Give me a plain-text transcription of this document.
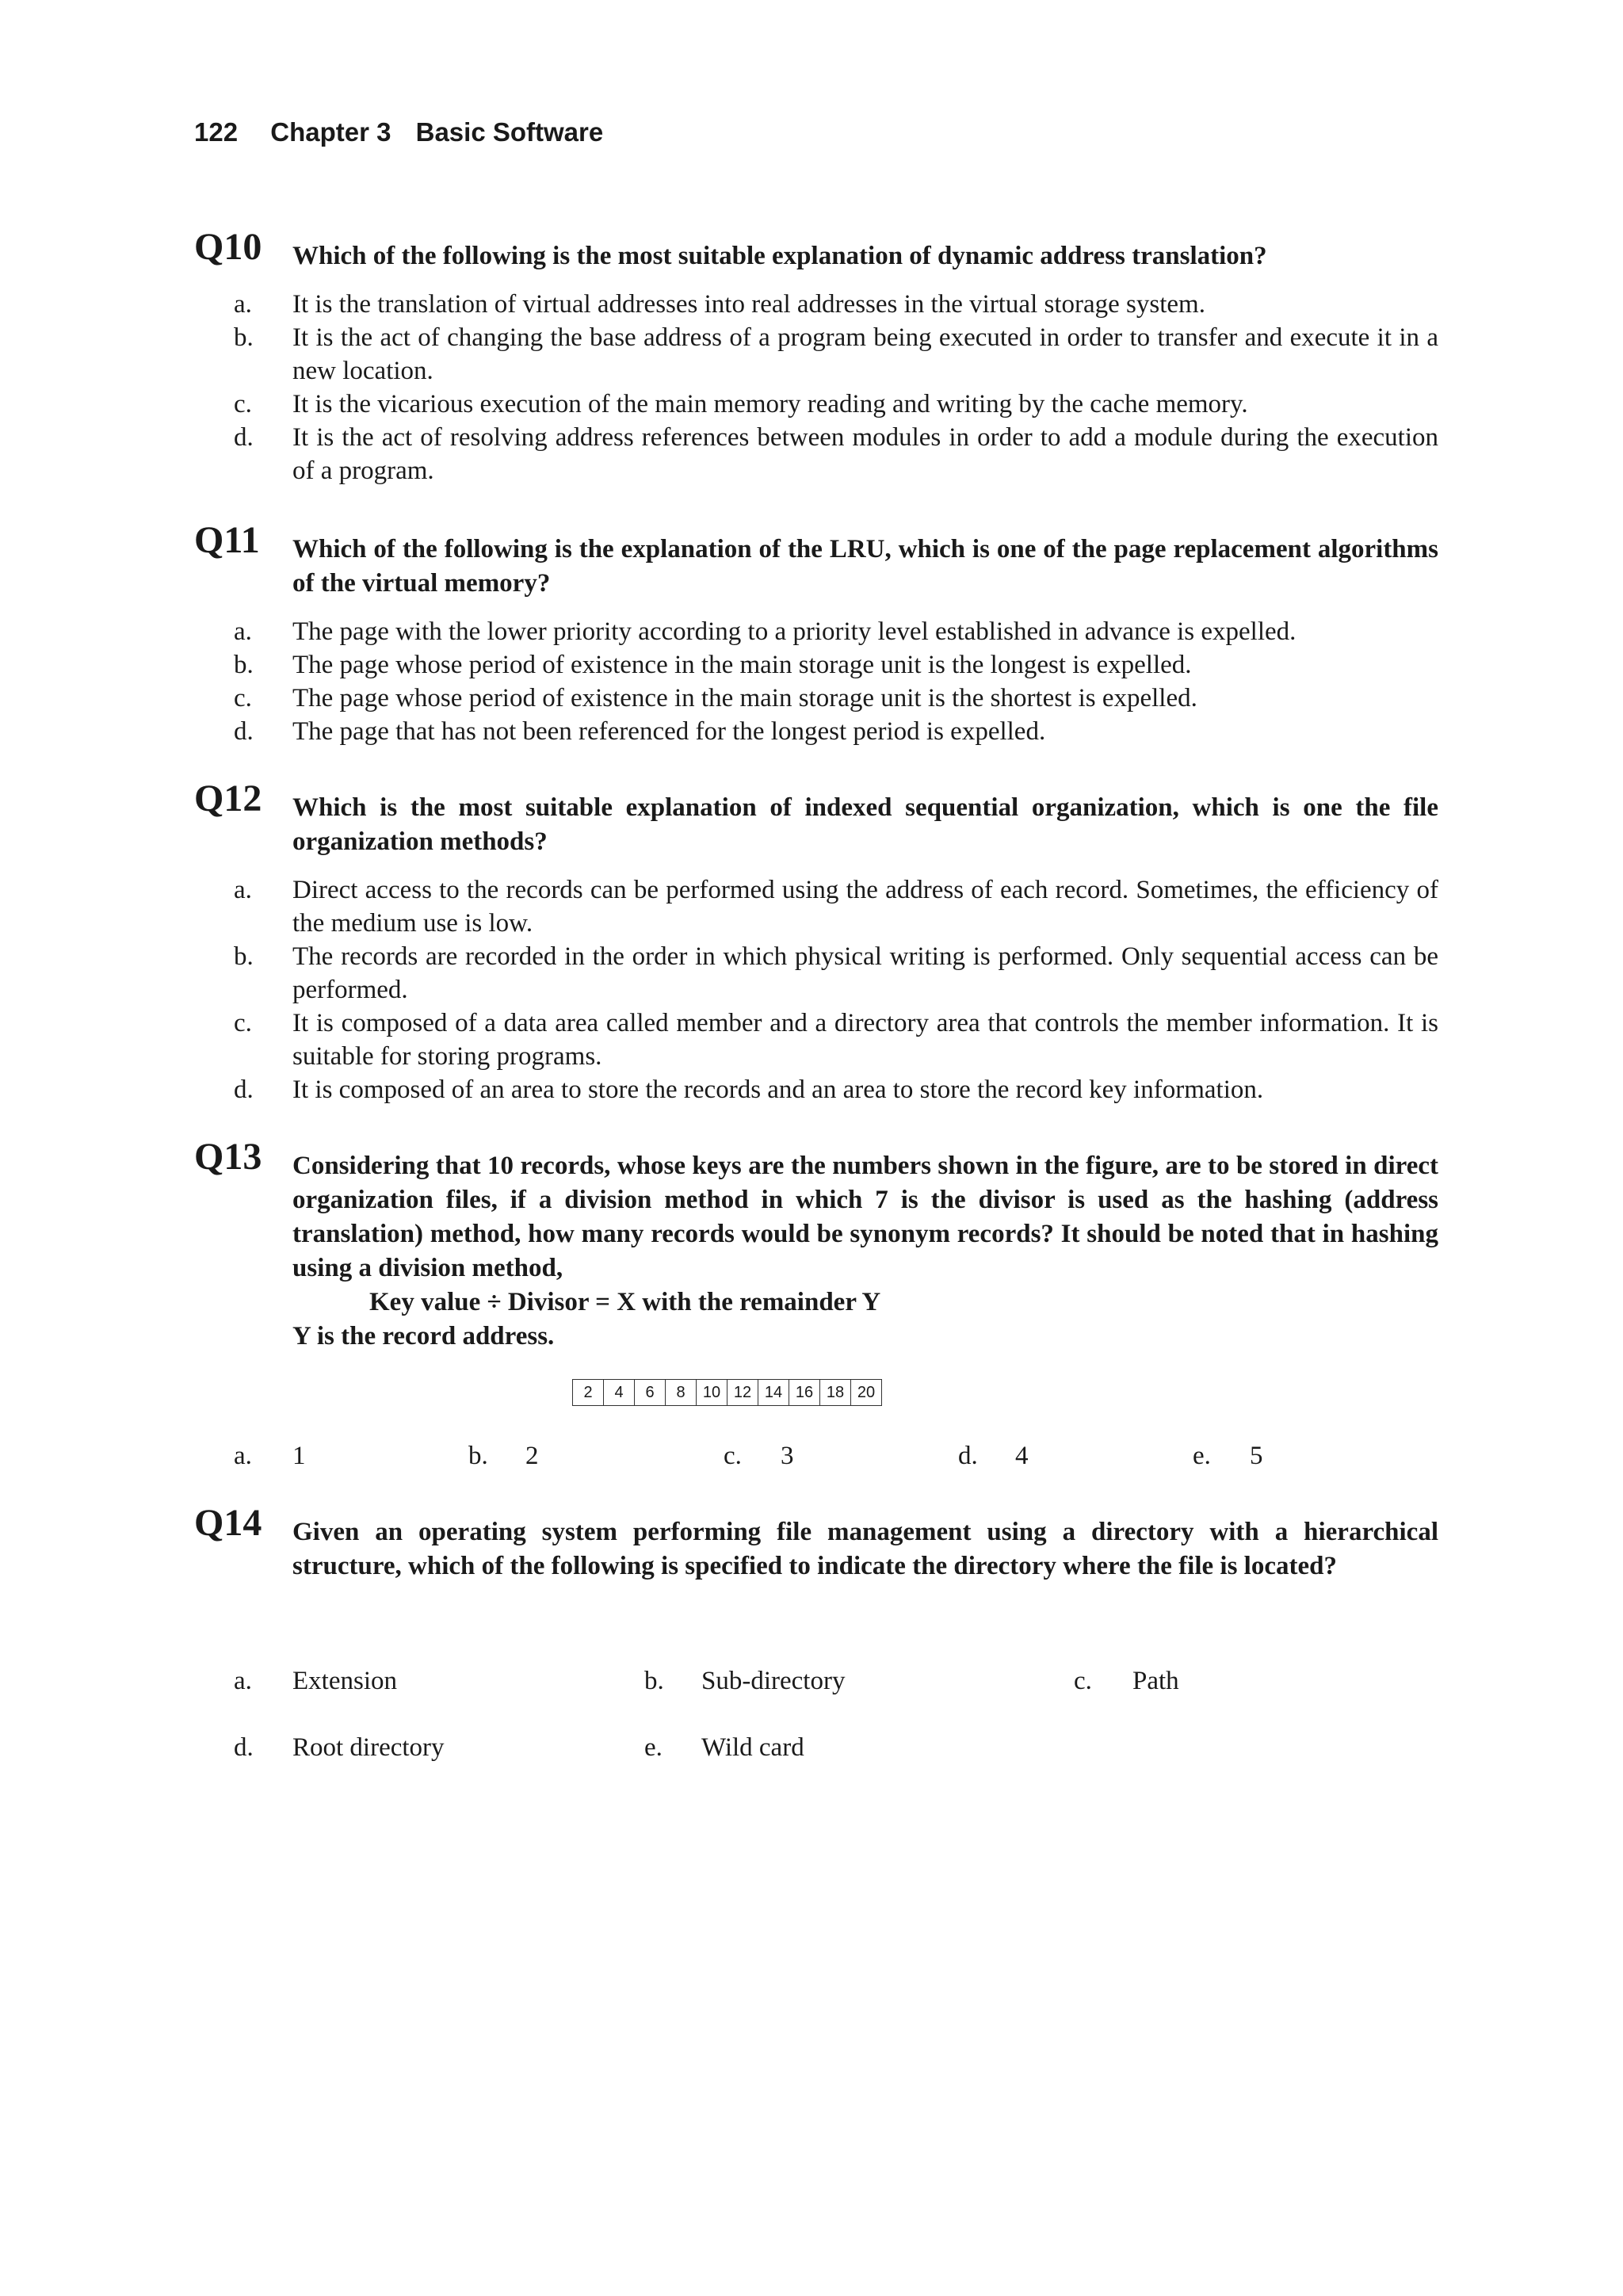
122 Chapter 3 Basic Software
Q10 Which of the following is the most suitable explanation of dynamic address translation?
a.	It is the translation of virtual addresses into real addresses in the virtual storage system.
b.	It is the act of changing the base address of a program being executed in order to transfer and execute it in a new location.
c.	It is the vicarious execution of the main memory reading and writing by the cache memory.
d.	It is the act of resolving address references between modules in order to add a module during the execution of a program.
Q11 Which of the following is the explanation of the LRU, which is one of the page replacement algorithms of the virtual memory?
a.	The page with the lower priority according to a priority level established in advance is expelled.
b.	The page whose period of existence in the main storage unit is the longest is expelled.
c.	The page whose period of existence in the main storage unit is the shortest is expelled.
d.	The page that has not been referenced for the longest period is expelled.
Q12 Which is the most suitable explanation of indexed sequential organization, which is one the file organization methods?
a.	Direct access to the records can be performed using the address of each record. Sometimes, the efficiency of the medium use is low.
b.	The records are recorded in the order in which physical writing is performed. Only sequential access can be performed.
c.	It is composed of a data area called member and a directory area that controls the member information. It is suitable for storing programs.
d.	It is composed of an area to store the records and an area to store the record key information.
Q13 Considering that 10 records, whose keys are the numbers shown in the figure, are to be stored in direct organization files, if a division method in which 7 is the divisor is used as the hashing (address translation) method, how many records would be synonym records? It should be noted that in hashing using a division method,
Key value ÷ Divisor = X with the remainder Y
Y is the record address.
2	4	6	8	10	12	14	16	18	20
a. 1	b. 2	c. 3	d. 4	e. 5
Q14 Given an operating system performing file management using a directory with a hierarchical structure, which of the following is specified to indicate the directory where the file is located?
a. Extension	b. Sub-directory	c. Path
d. Root directory	e. Wild card
